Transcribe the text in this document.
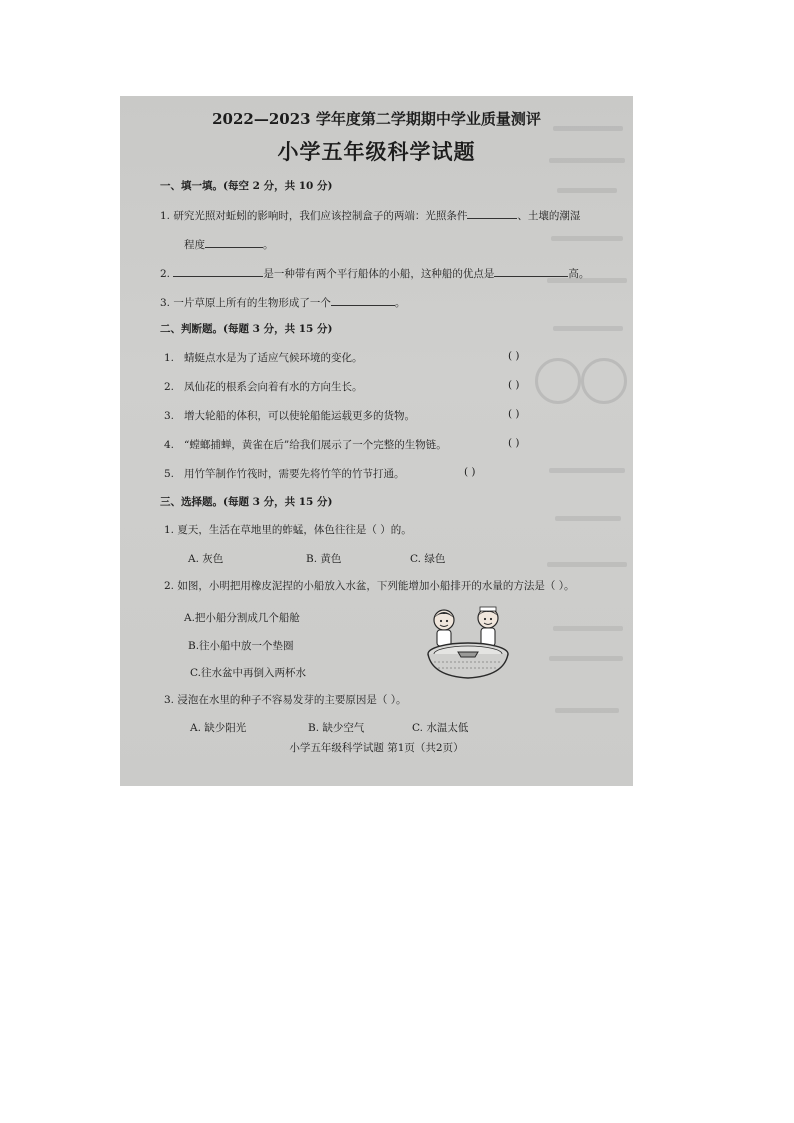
2022—2023 学年度第二学期期中学业质量测评
小学五年级科学试题
一、填一填。(每空 2 分，共 10 分)
1. 研究光照对蚯蚓的影响时，我们应该控制盒子的两端：光照条件	、土壤的潮湿
程度	。
2.	是一种带有两个平行船体的小船，这种船的优点是	高。
3. 一片草原上所有的生物形成了一个	。
二、判断题。(每题 3 分，共 15 分)
1. 蜻蜓点水是为了适应气候环境的变化。	( )
2. 凤仙花的根系会向着有水的方向生长。	( )
3. 增大轮船的体积，可以使轮船能运载更多的货物。	( )
4. “螳螂捕蝉，黄雀在后”给我们展示了一个完整的生物链。	( )
5. 用竹竿制作竹筏时，需要先将竹竿的竹节打通。	( )
三、选择题。(每题 3 分，共 15 分)
1. 夏天，生活在草地里的蚱蜢，体色往往是（ ）的。
A. 灰色	B. 黄色	C. 绿色
2. 如图，小明把用橡皮泥捏的小船放入水盆，下列能增加小船排开的水量的方法是（ ）。
A.把小船分割成几个船舱
B.往小船中放一个垫圈
C.往水盆中再倒入两杯水
3. 浸泡在水里的种子不容易发芽的主要原因是（ ）。
A. 缺少阳光	B. 缺少空气	C. 水温太低
小学五年级科学试题 第1页（共2页）
